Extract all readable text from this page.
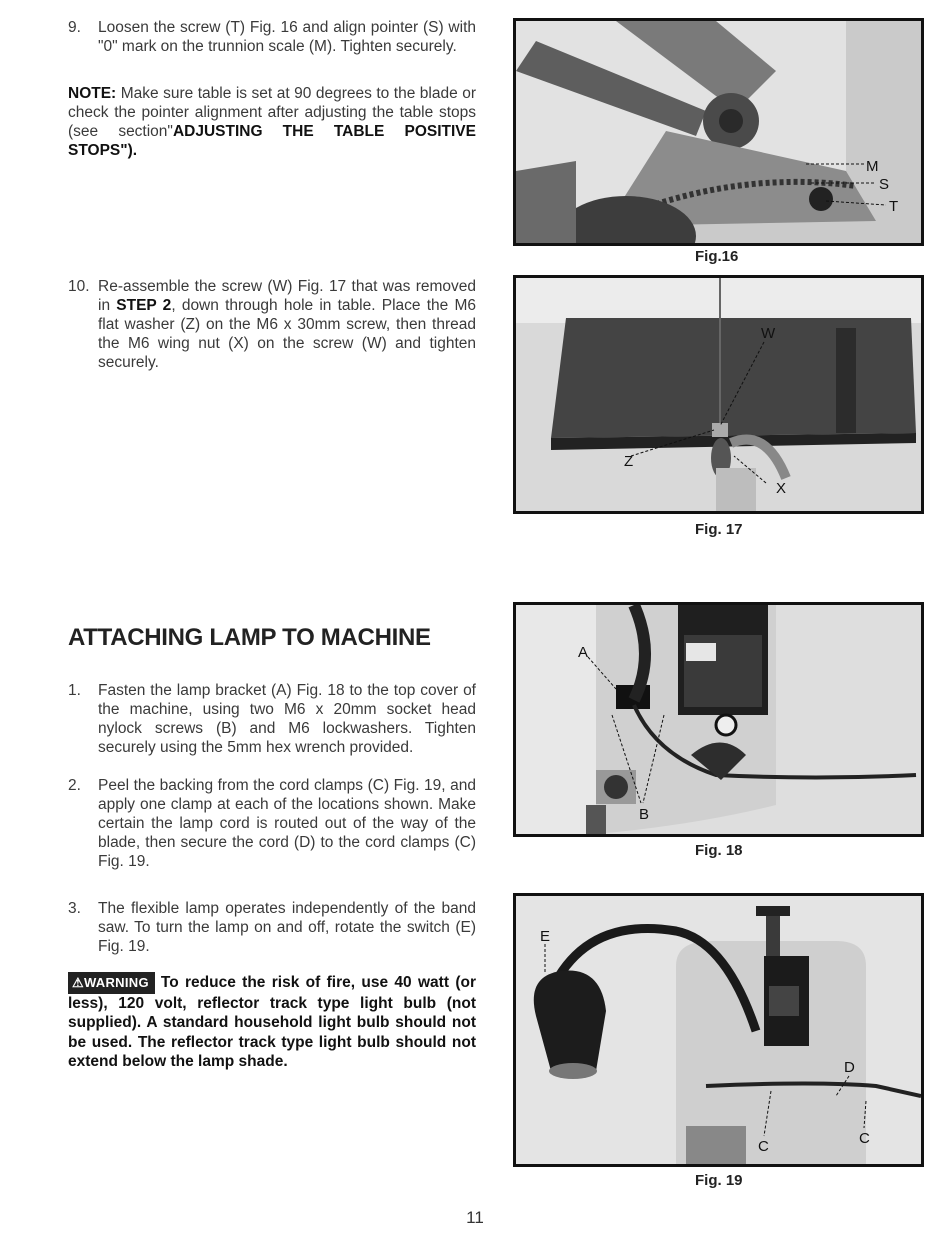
9. Loosen the screw (T) Fig. 16 and align pointer (S) with "0" mark on the trunnion scale (M). Tighten securely.
NOTE: Make sure table is set at 90 degrees to the blade or check the pointer alignment after adjusting the table stops (see section"ADJUSTING THE TABLE POSITIVE STOPS").
10. Re-assemble the screw (W) Fig. 17 that was removed in STEP 2, down through hole in table. Place the M6 flat washer (Z) on the M6 x 30mm screw, then thread the M6 wing nut (X) on the screw (W) and tighten securely.
ATTACHING LAMP TO MACHINE
1. Fasten the lamp bracket (A) Fig. 18 to the top cover of the machine, using two M6 x 20mm socket head nylock screws (B) and M6 lockwashers. Tighten securely using the 5mm hex wrench provided.
2. Peel the backing from the cord clamps (C) Fig. 19, and apply one clamp at each of the locations shown. Make certain the lamp cord is routed out of the way of the blade, then secure the cord (D) to the cord clamps (C) Fig. 19.
3. The flexible lamp operates independently of the band saw. To turn the lamp on and off, rotate the switch (E) Fig. 19.
⚠WARNING To reduce the risk of fire, use 40 watt (or less), 120 volt, reflector track type light bulb (not supplied). A standard household light bulb should not be used. The reflector track type light bulb should not extend below the lamp shade.
M
S
T
Fig.16
W
Z
X
Fig. 17
A
B
Fig. 18
E
D
C	C
Fig. 19
11
